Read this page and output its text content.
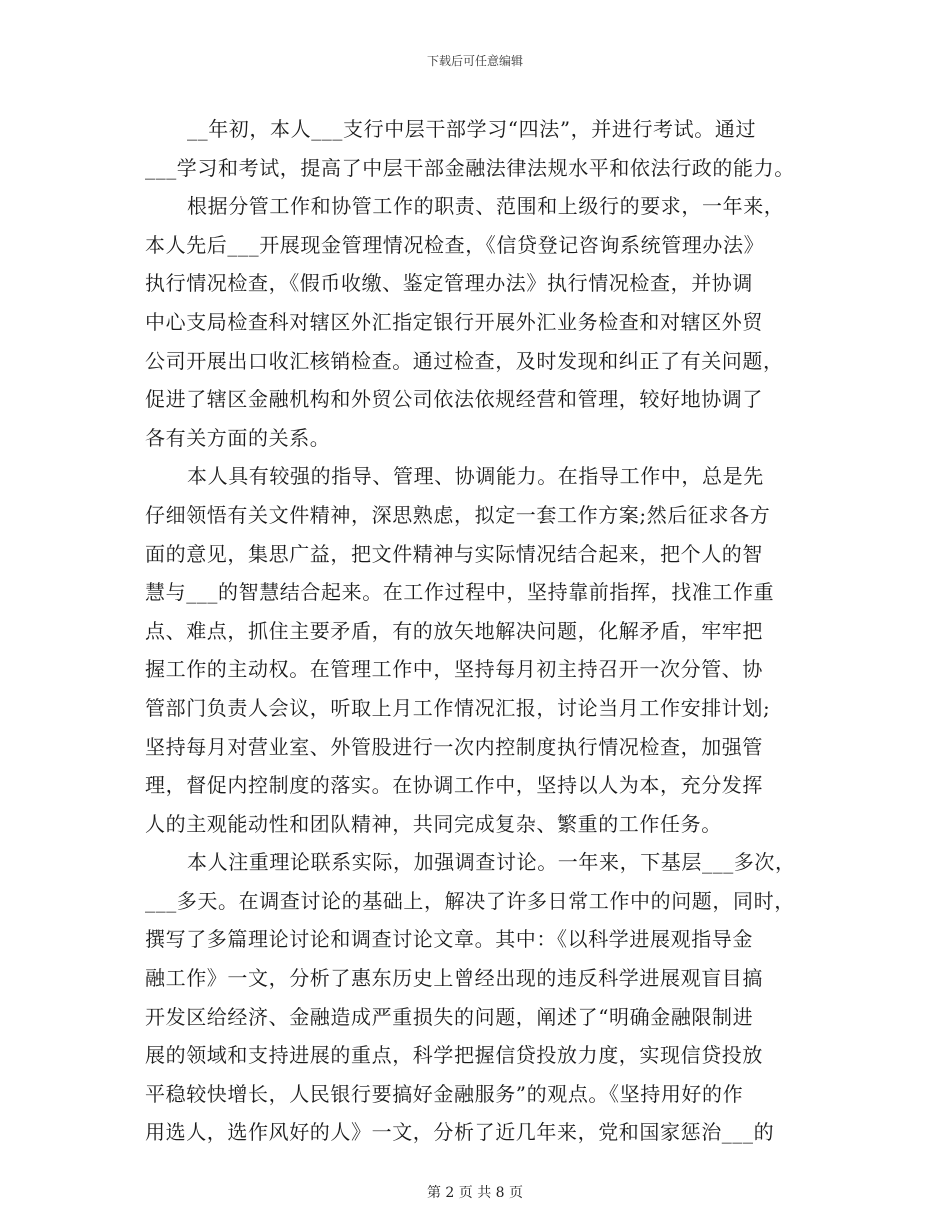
下载后可任意编辑
__年初，本人___支行中层干部学习“四法”，并进行考试。通过
___学习和考试，提高了中层干部金融法律法规水平和依法行政的能力。
根据分管工作和协管工作的职责、范围和上级行的要求，一年来，
本人先后___开展现金管理情况检查，《信贷登记咨询系统管理办法》
执行情况检查，《假币收缴、鉴定管理办法》执行情况检查，并协调
中心支局检查科对辖区外汇指定银行开展外汇业务检查和对辖区外贸
公司开展出口收汇核销检查。通过检查，及时发现和纠正了有关问题，
促进了辖区金融机构和外贸公司依法依规经营和管理，较好地协调了
各有关方面的关系。
本人具有较强的指导、管理、协调能力。在指导工作中，总是先
仔细领悟有关文件精神，深思熟虑，拟定一套工作方案;然后征求各方
面的意见，集思广益，把文件精神与实际情况结合起来，把个人的智
慧与___的智慧结合起来。在工作过程中，坚持靠前指挥，找准工作重
点、难点，抓住主要矛盾，有的放矢地解决问题，化解矛盾，牢牢把
握工作的主动权。在管理工作中，坚持每月初主持召开一次分管、协
管部门负责人会议，听取上月工作情况汇报，讨论当月工作安排计划;
坚持每月对营业室、外管股进行一次内控制度执行情况检查，加强管
理，督促内控制度的落实。在协调工作中，坚持以人为本，充分发挥
人的主观能动性和团队精神，共同完成复杂、繁重的工作任务。
本人注重理论联系实际，加强调查讨论。一年来，下基层___多次，
___多天。在调查讨论的基础上，解决了许多日常工作中的问题，同时，
撰写了多篇理论讨论和调查讨论文章。其中：《以科学进展观指导金
融工作》一文，分析了惠东历史上曾经出现的违反科学进展观盲目搞
开发区给经济、金融造成严重损失的问题，阐述了“明确金融限制进
展的领域和支持进展的重点，科学把握信贷投放力度，实现信贷投放
平稳较快增长，人民银行要搞好金融服务”的观点。《坚持用好的作
用选人，选作风好的人》一文，分析了近几年来，党和国家惩治___的
第 2 页 共 8 页
